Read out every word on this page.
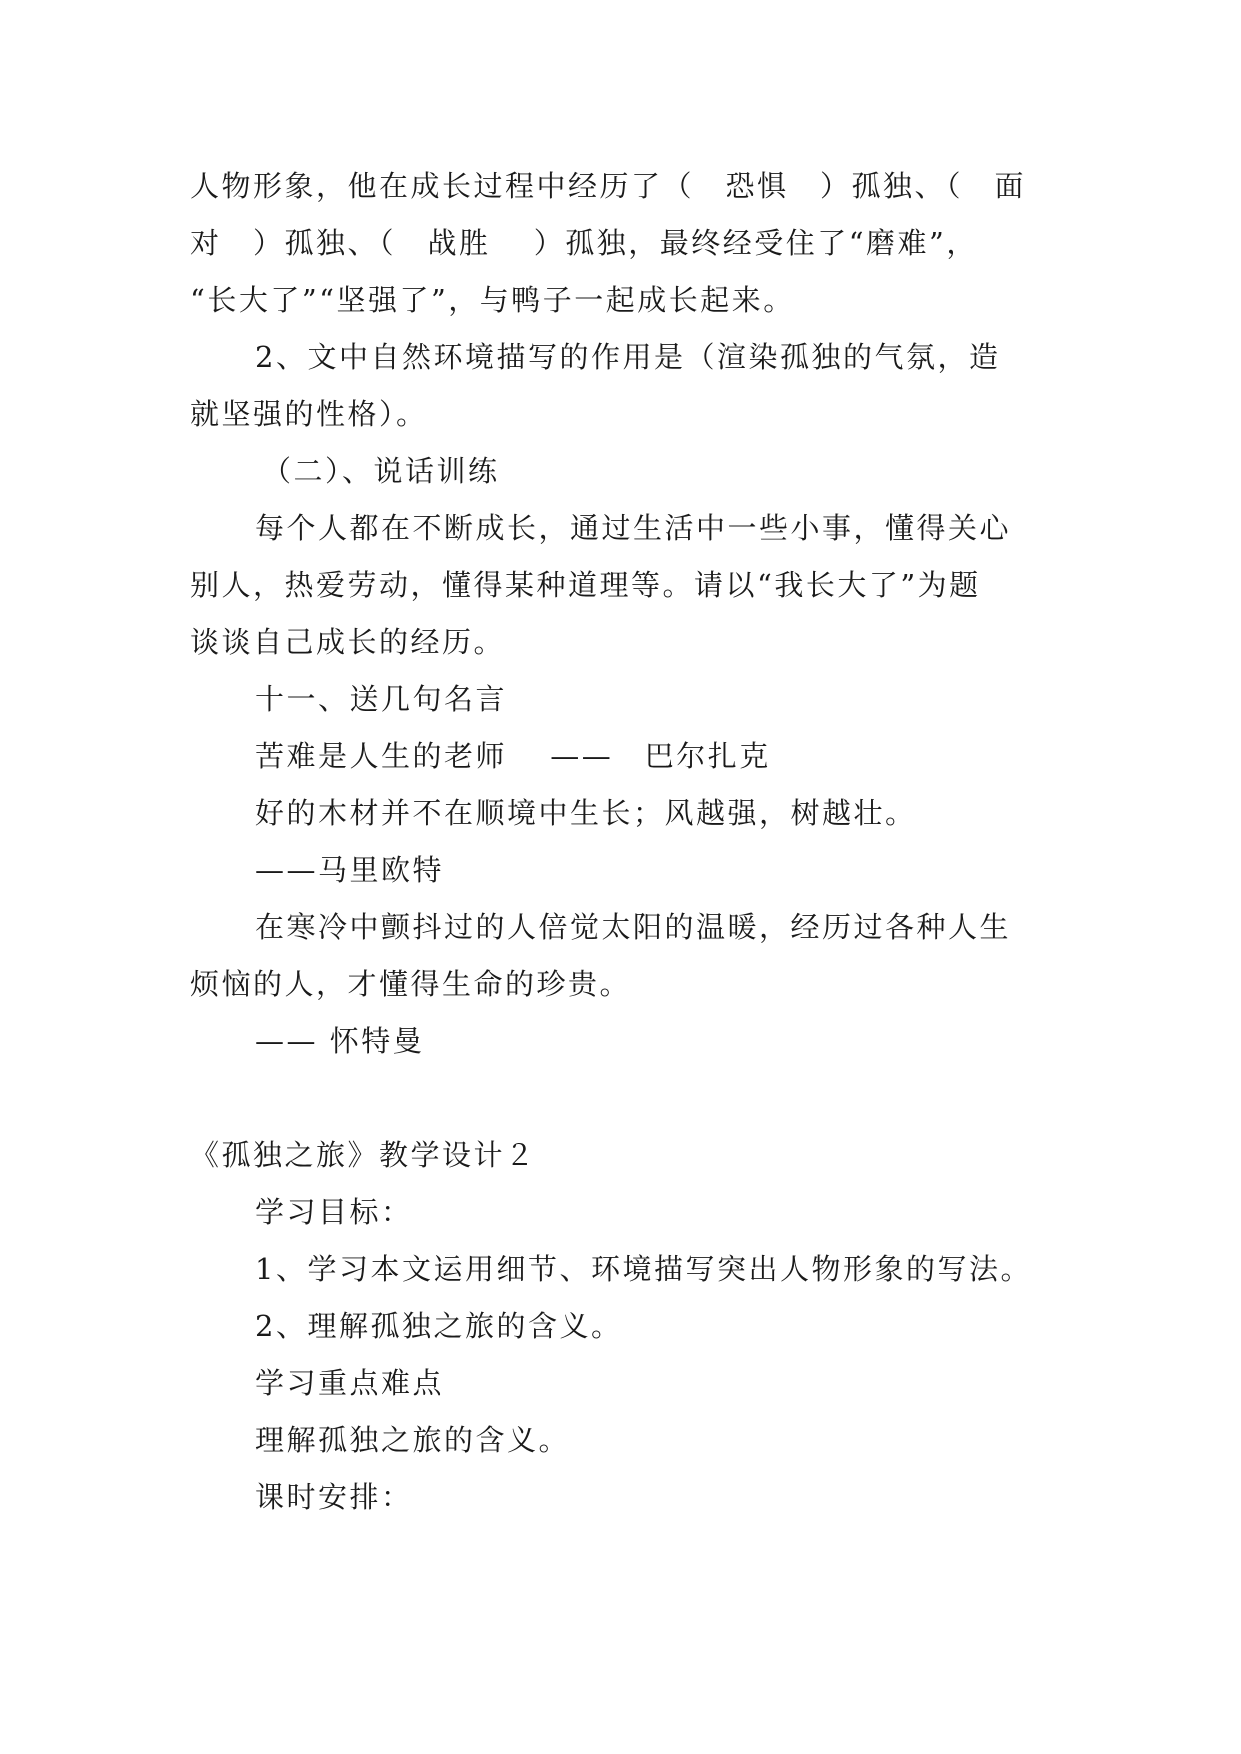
人物形象，他在成长过程中经历了（　恐惧　）孤独、（　面
对　）孤独、（　战胜　 ）孤独，最终经受住了“磨难”，
“长大了”“坚强了”，与鸭子一起成长起来。
2、文中自然环境描写的作用是（渲染孤独的气氛，造
就坚强的性格）。
（二）、说话训练
每个人都在不断成长，通过生活中一些小事，懂得关心
别人，热爱劳动，懂得某种道理等。请以“我长大了”为题
谈谈自己成长的经历。
十一、送几句名言
苦难是人生的老师　 ——　巴尔扎克
好的木材并不在顺境中生长；风越强，树越壮。
——马里欧特
在寒冷中颤抖过的人倍觉太阳的温暖，经历过各种人生
烦恼的人，才懂得生命的珍贵。
—— 怀特曼
《孤独之旅》教学设计２
学习目标：
1、学习本文运用细节、环境描写突出人物形象的写法。
2、理解孤独之旅的含义。
学习重点难点
理解孤独之旅的含义。
课时安排：
